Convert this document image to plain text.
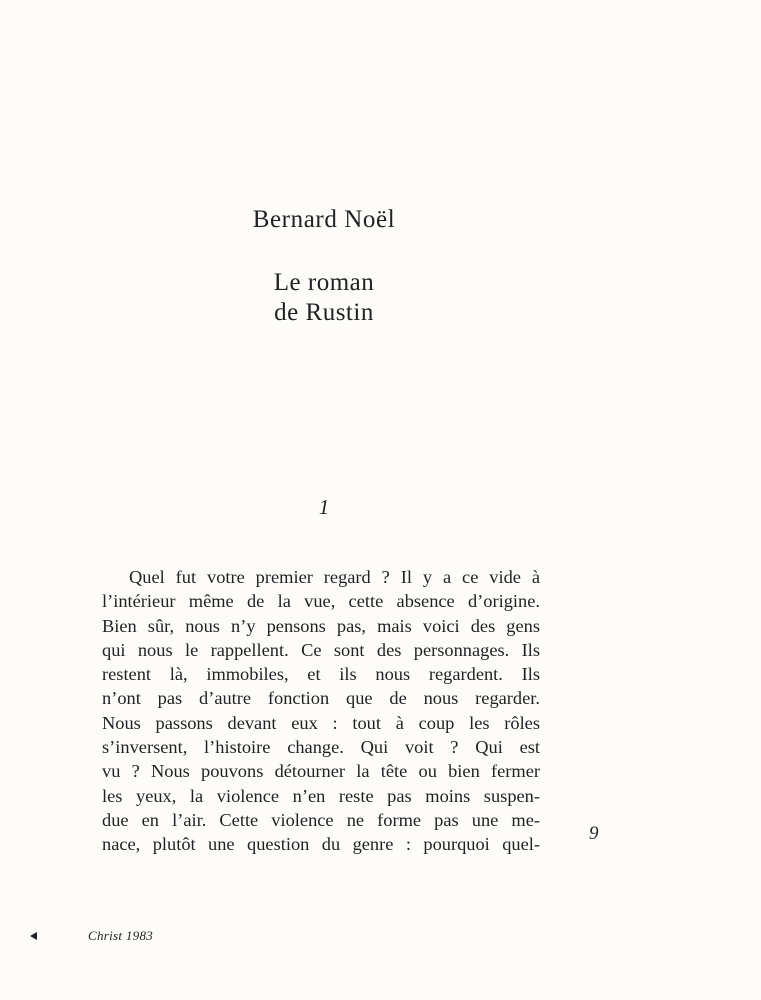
Bernard Noël
Le roman
de Rustin
1

Quel fut votre premier regard ? Il y a ce vide à
l’intérieur même de la vue, cette absence d’origine.
Bien sûr, nous n’y pensons pas, mais voici des gens
qui nous le rappellent. Ce sont des personnages. Ils
restent là, immobiles, et ils nous regardent. Ils
n’ont pas d’autre fonction que de nous regarder.
Nous passons devant eux : tout à coup les rôles
s’inversent, l’histoire change. Qui voit ? Qui est
vu ? Nous pouvons détourner la tête ou bien fermer
les yeux, la violence n’en reste pas moins suspen-
due en l’air. Cette violence ne forme pas une me-
nace, plutôt une question du genre : pourquoi quel-

9
Christ 1983
